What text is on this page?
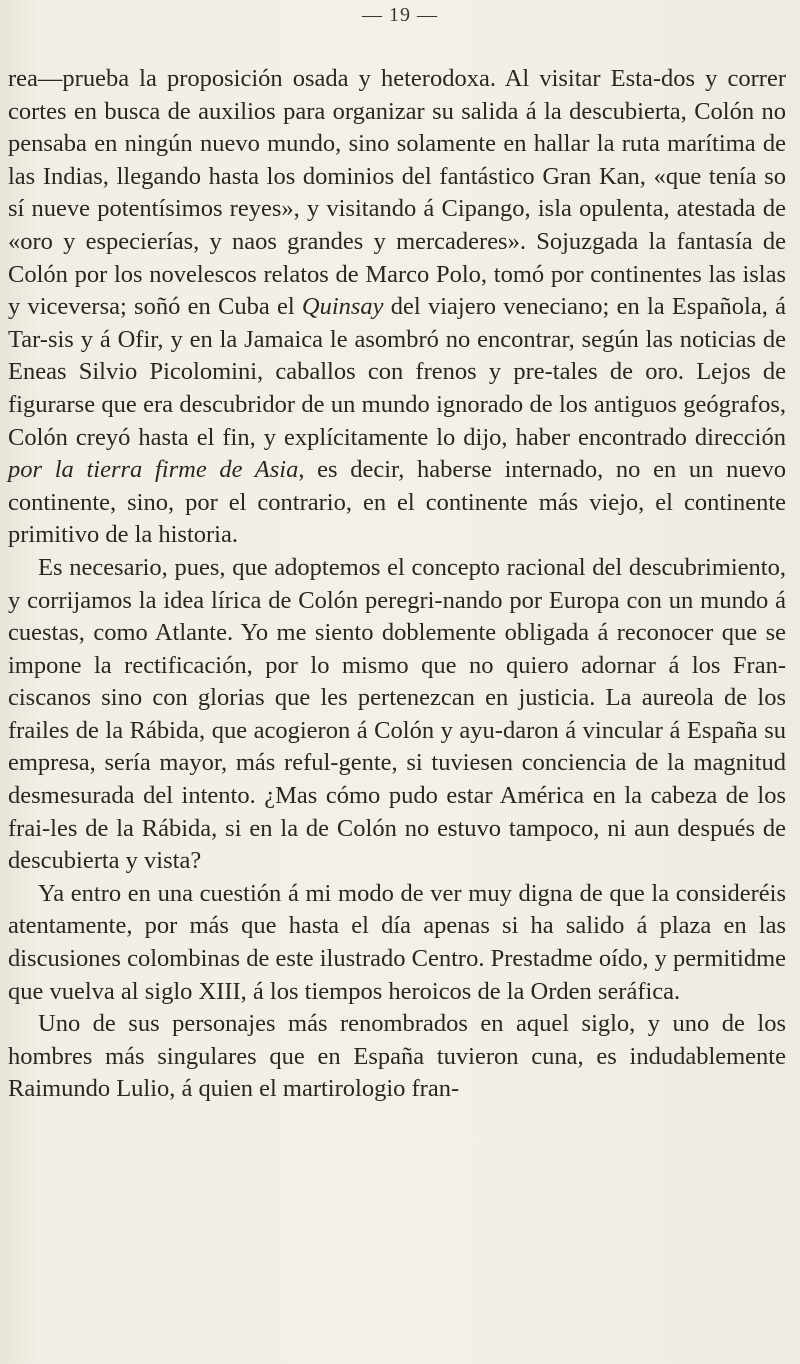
— 19 —

rea—prueba la proposición osada y heterodoxa. Al visitar Esta-dos y correr cortes en busca de auxilios para organizar su salida á la descubierta, Colón no pensaba en ningún nuevo mundo, sino solamente en hallar la ruta marítima de las Indias, llegando hasta los dominios del fantástico Gran Kan, «que tenía so sí nueve potentísimos reyes», y visitando á Cipango, isla opulenta, atestada de «oro y especierías, y naos grandes y mercaderes». Sojuzgada la fantasía de Colón por los novelescos relatos de Marco Polo, tomó por continentes las islas y viceversa; soñó en Cuba el Quinsay del viajero veneciano; en la Española, á Tar-sis y á Ofir, y en la Jamaica le asombró no encontrar, según las noticias de Eneas Silvio Picolomini, caballos con frenos y pre-tales de oro. Lejos de figurarse que era descubridor de un mundo ignorado de los antiguos geógrafos, Colón creyó hasta el fin, y explícitamente lo dijo, haber encontrado dirección por la tierra firme de Asia, es decir, haberse internado, no en un nuevo continente, sino, por el contrario, en el continente más viejo, el continente primitivo de la historia.

Es necesario, pues, que adoptemos el concepto racional del descubrimiento, y corrijamos la idea lírica de Colón peregri-nando por Europa con un mundo á cuestas, como Atlante. Yo me siento doblemente obligada á reconocer que se impone la rectificación, por lo mismo que no quiero adornar á los Fran-ciscanos sino con glorias que les pertenezcan en justicia. La aureola de los frailes de la Rábida, que acogieron á Colón y ayu-daron á vincular á España su empresa, sería mayor, más reful-gente, si tuviesen conciencia de la magnitud desmesurada del intento. ¿Mas cómo pudo estar América en la cabeza de los frai-les de la Rábida, si en la de Colón no estuvo tampoco, ni aun después de descubierta y vista?

Ya entro en una cuestión á mi modo de ver muy digna de que la consideréis atentamente, por más que hasta el día apenas si ha salido á plaza en las discusiones colombinas de este ilustrado Centro. Prestadme oído, y permitidme que vuelva al siglo XIII, á los tiempos heroicos de la Orden seráfica.

Uno de sus personajes más renombrados en aquel siglo, y uno de los hombres más singulares que en España tuvieron cuna, es indudablemente Raimundo Lulio, á quien el martirologio fran-
